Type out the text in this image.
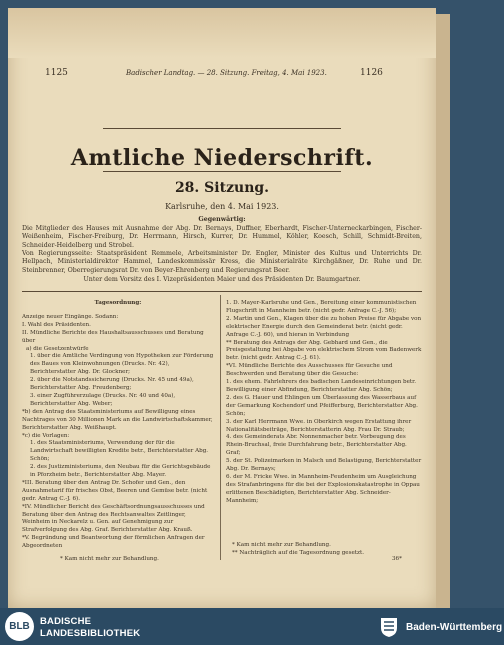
1125	Badischer Landtag. — 28. Sitzung. Freitag, 4. Mai 1923.	1126
Amtliche Niederschrift.
28. Sitzung.
Karlsruhe, den 4. Mai 1923.
Gegenwärtig:
Die Mitglieder des Hauses mit Ausnahme der Abg. Dr. Bernays, Duffner, Eberhardt, Fischer-Unterneckarbingen, Fischer-Weißenheim, Fischer-Freiburg, Dr. Herrmann, Hirsch, Kurrer, Dr. Hummel, Köhler, Koesch, Schill, Schmidt-Breiten, Schneider-Heidelberg und Strobel.
Von Regierungsseite: Staatspräsident Remmele, Arbeitsminister Dr. Engler, Minister des Kultus und Unterrichts Dr. Hellpach, Ministerialdirektor Hammel, Landeskommissär Kress, die Ministerialräte Kirchgäßner, Dr. Ruhe und Dr. Steinbrenner, Oberregierungsrat Dr. von Beyer-Ehrenberg und Regierungsrat Beer.
Unter dem Vorsitz des I. Vizepräsidenten Maier und des Präsidenten Dr. Baumgartner.

Tagesordnung:

Anzeige neuer Eingänge. Sodann:

I. Wahl des Präsidenten.

II. Mündliche Berichte des Haushaltsausschusses und Beratung über

a) die Gesetzentwürfe

1. über die Amtliche Verdingung von Hypotheken zur Förderung des Baues von Kleinwohnungen (Drucks. Nr. 42), Berichterstatter Abg. Dr. Glockner;

2. über die Notstandssicherung (Drucks. Nr. 45 und 49a), Berichterstatter Abg. Freudenberg;

3. einer Zugführerzulage (Drucks. Nr. 40 und 40a), Berichterstatter Abg. Weber;

*b) den Antrag des Staatsministeriums auf Bewilligung eines Nachtrages von 30 Millionen Mark an die Landwirtschaftskammer, Berichterstatter Abg. Weißhaupt.

*c) die Vorlagen:

1. des Staatsministeriums, Verwendung der für die Landwirtschaft bewilligten Kredite betr., Berichterstatter Abg. Schön;

2. des Justizministeriums, den Neubau für die Gerichtsgebäude in Pforzheim betr., Berichterstatter Abg. Mayer.

*III. Beratung über den Antrag Dr. Schofer und Gen., den Ausnahmetarif für frisches Obst, Beeren und Gemüse betr. (nicht gedr. Antrag C.-J. 6).

*IV. Mündlicher Bericht des Geschäftsordnungsausschusses und Beratung über den Antrag des Rechtsanwaltes Zeitlinger, Weinheim in Neckarelz u. Gen. auf Genehmigung zur Strafverfolgung des Abg. Graf. Berichterstatter Abg. Krauß.

*V. Begründung und Beantwortung der förmlichen Anfragen der Abgeordneten

1. D. Mayer-Karlsruhe und Gen., Bereitung einer kommunistischen Flugschrift in Mannheim betr. (nicht gedr. Anfrage C.-J. 56);

2. Martin und Gen., Klagen über die zu hohen Preise für Abgabe von elektrischer Energie durch den Gemeinderat betr. (nicht gedr. Anfrage C.-J. 60), und hieran in Verbindung

** Beratung des Antrags der Abg. Gebhard und Gen., die Preisgestaltung bei Abgabe von elektrischem Strom vom Badenwerk betr. (nicht gedr. Antrag C.-J. 61).

*VI. Mündliche Berichte des Ausschusses für Gesuche und Beschwerden und Beratung über die Gesuche:

1. des ehem. Fahrlehrers des badischen Landeseinrichtungen betr. Bewilligung einer Abfindung, Berichterstatter Abg. Schön;

2. des G. Hauer und Ehlingen um Überlassung des Wasserbaus auf der Gemarkung Kochendorf und Pfeifferburg, Berichterstatter Abg. Schön;

3. der Karl Herrmann Wwe. in Oberkirch wegen Erstattung ihrer Nationalitätsbeiträge, Berichterstatterin Abg. Frau Dr. Straub;

4. des Gemeinderats Abr. Nonnenmacher betr. Vorbeugung des Rhein-Bruchsal, freie Durchfahrung betr., Berichterstatter Abg. Graf;

5. der St. Polizeimarken in Malsch und Belastigung, Berichterstatter Abg. Dr. Bernays;

6. der M. Fricke Wwe. in Mannheim-Feudenheim um Ausgleichung des Strafanbringens für die bei der Explosionskatastrophe in Oppau erlittenen Beschädigten, Berichterstatter Abg. Schneider-Mannheim;

* Kam nicht mehr zur Behandlung.
* Kam nicht mehr zur Behandlung.
** Nachträglich auf die Tagesordnung gesetzt.
36*
BLB	BADISCHE
LANDESBIBLIOTHEK
Baden-Württemberg
